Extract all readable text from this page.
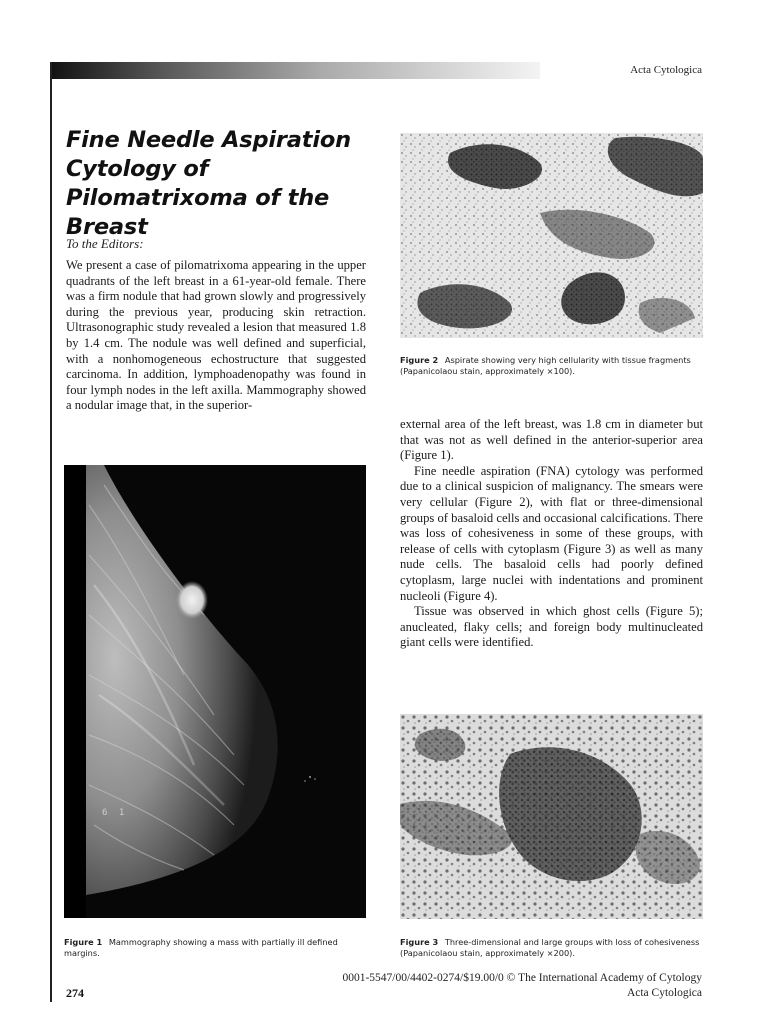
Acta Cytologica
Fine Needle Aspiration Cytology of Pilomatrixoma of the Breast
To the Editors:

We present a case of pilomatrixoma appearing in the upper quadrants of the left breast in a 61-year-old female. There was a firm nodule that had grown slowly and progressively during the previous year, producing skin retraction. Ultrasonographic study revealed a lesion that measured 1.8 by 1.4 cm. The nodule was well defined and superficial, with a nonhomogeneous echostructure that suggested carcinoma. In addition, lymphoadenopathy was found in four lymph nodes in the left axilla. Mammography showed a nodular image that, in the superior-

external area of the left breast, was 1.8 cm in diameter but that was not as well defined in the anterior-superior area (Figure 1).

Fine needle aspiration (FNA) cytology was performed due to a clinical suspicion of malignancy. The smears were very cellular (Figure 2), with flat or three-dimensional groups of basaloid cells and occasional calcifications. There was loss of cohesiveness in some of these groups, with release of cells with cytoplasm (Figure 3) as well as many nude cells. The basaloid cells had poorly defined cytoplasm, large nuclei with indentations and prominent nucleoli (Figure 4).

Tissue was observed in which ghost cells (Figure 5); anucleated, flaky cells; and foreign body multinucleated giant cells were identified.

6 1
Figure 1 Mammography showing a mass with partially ill defined margins.
Figure 2 Aspirate showing very high cellularity with tissue fragments (Papanicolaou stain, approximately ×100).
Figure 3 Three-dimensional and large groups with loss of cohesiveness (Papanicolaou stain, approximately ×200).
0001-5547/00/4402-0274/$19.00/0 © The International Academy of Cytology
Acta Cytologica
274
